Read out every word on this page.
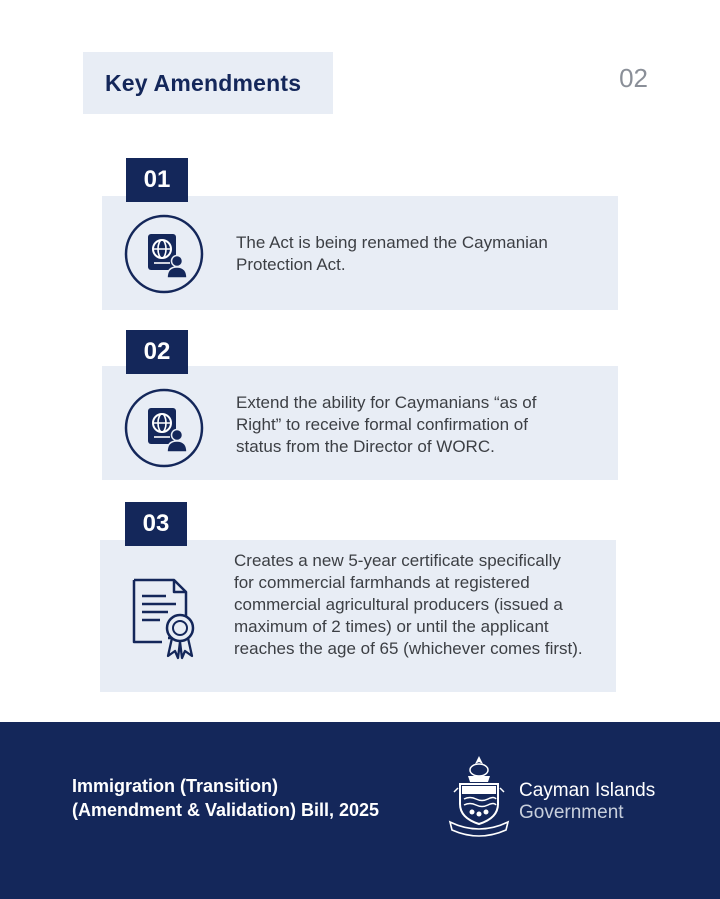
Key Amendments	02
The Act is being renamed the Caymanian Protection Act.
01
Extend the ability for Caymanians “as of Right” to receive formal confirmation of status from the Director of WORC.
02
Creates a new 5-year certificate specifically for commercial farmhands at registered commercial agricultural producers (issued a maximum of 2 times) or until the applicant reaches the age of 65 (whichever comes first).
03

Immigration (Transition) (Amendment & Validation) Bill, 2025

Cayman Islands
Government
